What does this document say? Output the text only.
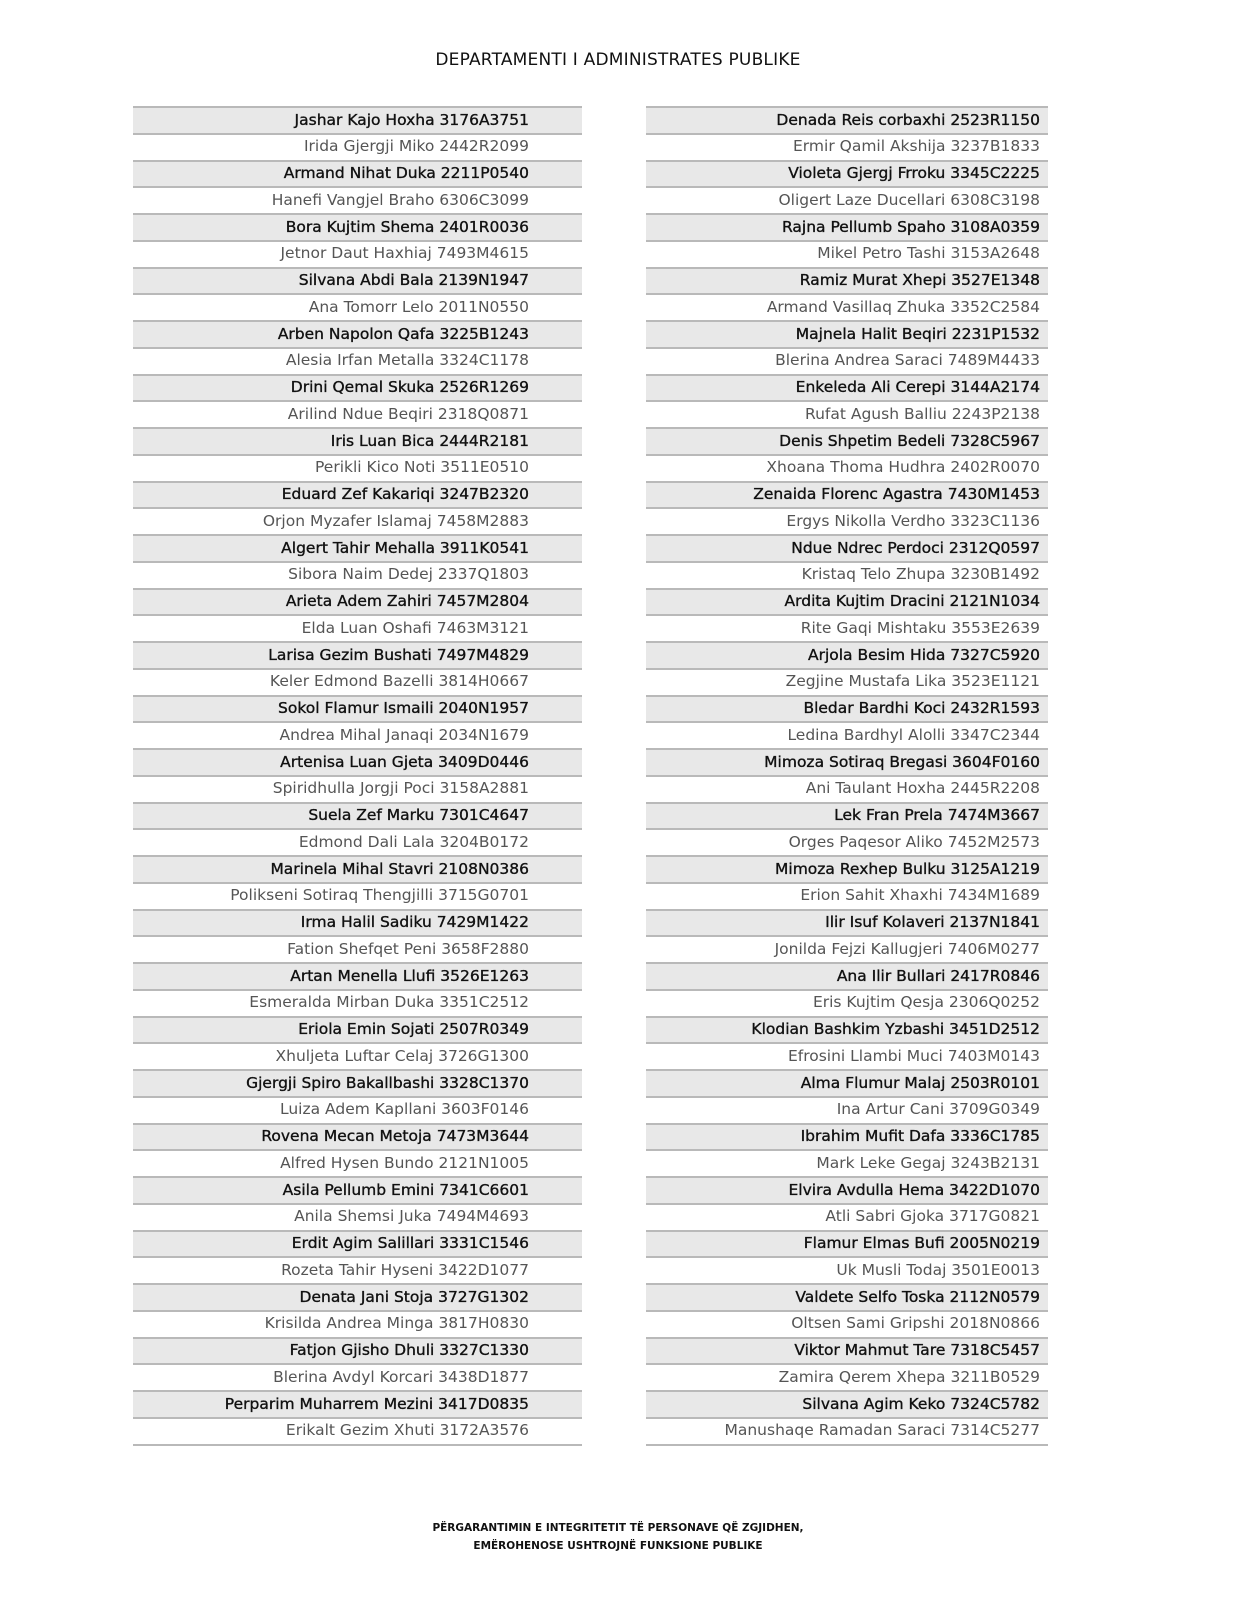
DEPARTAMENTI I ADMINISTRATES PUBLIKE
Jashar Kajo Hoxha 3176A3751
Irida Gjergji Miko 2442R2099
Armand Nihat Duka 2211P0540
Hanefi Vangjel Braho 6306C3099
Bora Kujtim Shema 2401R0036
Jetnor Daut Haxhiaj 7493M4615
Silvana Abdi Bala 2139N1947
Ana Tomorr Lelo 2011N0550
Arben Napolon Qafa 3225B1243
Alesia Irfan Metalla 3324C1178
Drini Qemal Skuka 2526R1269
Arilind Ndue Beqiri 2318Q0871
Iris Luan Bica 2444R2181
Perikli Kico Noti 3511E0510
Eduard Zef Kakariqi 3247B2320
Orjon Myzafer Islamaj 7458M2883
Algert Tahir Mehalla 3911K0541
Sibora Naim Dedej 2337Q1803
Arieta Adem Zahiri 7457M2804
Elda Luan Oshafi 7463M3121
Larisa Gezim Bushati 7497M4829
Keler Edmond Bazelli 3814H0667
Sokol Flamur Ismaili 2040N1957
Andrea Mihal Janaqi 2034N1679
Artenisa Luan Gjeta 3409D0446
Spiridhulla Jorgji Poci 3158A2881
Suela Zef Marku 7301C4647
Edmond Dali Lala 3204B0172
Marinela Mihal Stavri 2108N0386
Polikseni Sotiraq Thengjilli 3715G0701
Irma Halil Sadiku 7429M1422
Fation Shefqet Peni 3658F2880
Artan Menella Llufi 3526E1263
Esmeralda Mirban Duka 3351C2512
Eriola Emin Sojati 2507R0349
Xhuljeta Luftar Celaj 3726G1300
Gjergji Spiro Bakallbashi 3328C1370
Luiza Adem Kapllani 3603F0146
Rovena Mecan Metoja 7473M3644
Alfred Hysen Bundo 2121N1005
Asila Pellumb Emini 7341C6601
Anila Shemsi Juka 7494M4693
Erdit Agim Salillari 3331C1546
Rozeta Tahir Hyseni 3422D1077
Denata Jani Stoja 3727G1302
Krisilda Andrea Minga 3817H0830
Fatjon Gjisho Dhuli 3327C1330
Blerina Avdyl Korcari 3438D1877
Perparim Muharrem Mezini 3417D0835
Erikalt Gezim Xhuti 3172A3576
Denada Reis corbaxhi 2523R1150
Ermir Qamil Akshija 3237B1833
Violeta Gjergj Frroku 3345C2225
Oligert Laze Ducellari 6308C3198
Rajna Pellumb Spaho 3108A0359
Mikel Petro Tashi 3153A2648
Ramiz Murat Xhepi 3527E1348
Armand Vasillaq Zhuka 3352C2584
Majnela Halit Beqiri 2231P1532
Blerina Andrea Saraci 7489M4433
Enkeleda Ali Cerepi 3144A2174
Rufat Agush Balliu 2243P2138
Denis Shpetim Bedeli 7328C5967
Xhoana Thoma Hudhra 2402R0070
Zenaida Florenc Agastra 7430M1453
Ergys Nikolla Verdho 3323C1136
Ndue Ndrec Perdoci 2312Q0597
Kristaq Telo Zhupa 3230B1492
Ardita Kujtim Dracini 2121N1034
Rite Gaqi Mishtaku 3553E2639
Arjola Besim Hida 7327C5920
Zegjine Mustafa Lika 3523E1121
Bledar Bardhi Koci 2432R1593
Ledina Bardhyl Alolli 3347C2344
Mimoza Sotiraq Bregasi 3604F0160
Ani Taulant Hoxha 2445R2208
Lek Fran Prela 7474M3667
Orges Paqesor Aliko 7452M2573
Mimoza Rexhep Bulku 3125A1219
Erion Sahit Xhaxhi 7434M1689
Ilir Isuf Kolaveri 2137N1841
Jonilda Fejzi Kallugjeri 7406M0277
Ana Ilir Bullari 2417R0846
Eris Kujtim Qesja 2306Q0252
Klodian Bashkim Yzbashi 3451D2512
Efrosini Llambi Muci 7403M0143
Alma Flumur Malaj 2503R0101
Ina Artur Cani 3709G0349
Ibrahim Mufit Dafa 3336C1785
Mark Leke Gegaj 3243B2131
Elvira Avdulla Hema 3422D1070
Atli Sabri Gjoka 3717G0821
Flamur Elmas Bufi 2005N0219
Uk Musli Todaj 3501E0013
Valdete Selfo Toska 2112N0579
Oltsen Sami Gripshi 2018N0866
Viktor Mahmut Tare 7318C5457
Zamira Qerem Xhepa 3211B0529
Silvana Agim Keko 7324C5782
Manushaqe Ramadan Saraci 7314C5277
PËRGARANTIMIN E INTEGRITETIT TË PERSONAVE QË ZGJIDHEN,
EMËROHENOSE USHTROJNË FUNKSIONE PUBLIKE
